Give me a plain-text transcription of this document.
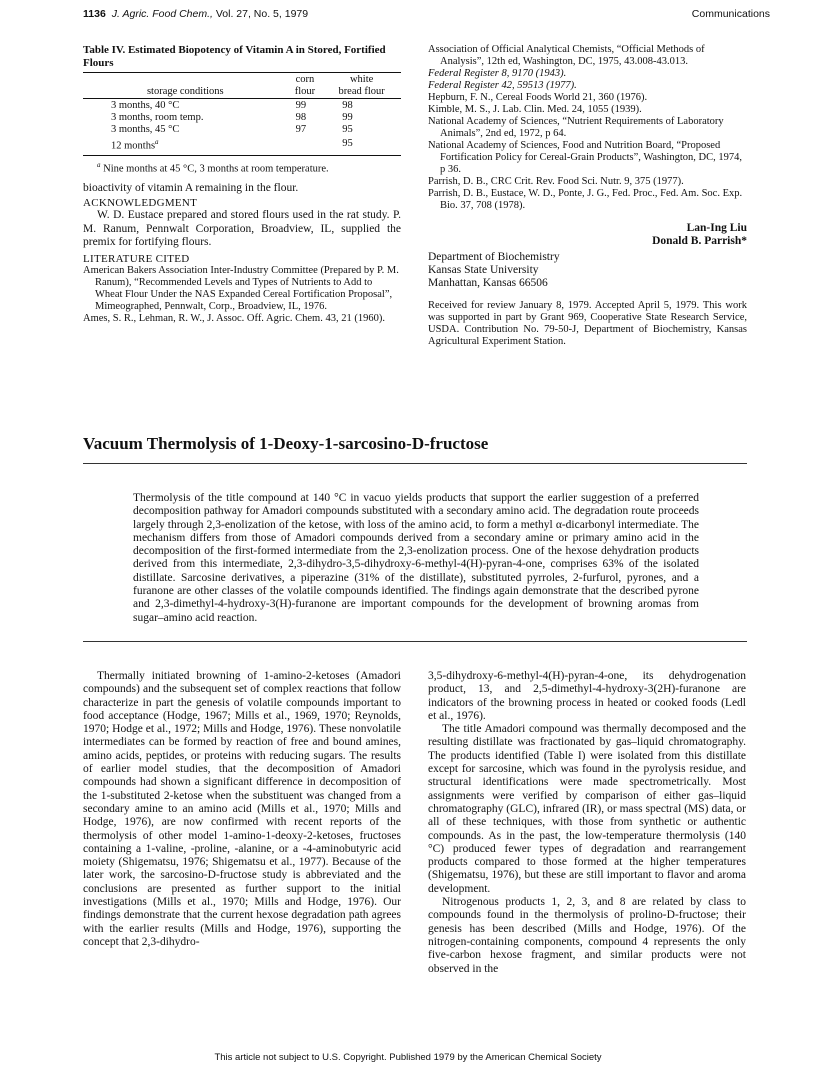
1136 J. Agric. Food Chem., Vol. 27, No. 5, 1979	Communications
Table IV. Estimated Biopotency of Vitamin A in Stored, Fortified Flours

storage conditions	corn	white
	flour	bread flour
3 months, 40 °C	99	98
3 months, room temp.	98	99
3 months, 45 °C	97	95
12 months$^a$		95
$^a$ Nine months at 45 °C, 3 months at room temperature.
bioactivity of vitamin A remaining in the flour.
ACKNOWLEDGMENT
W. D. Eustace prepared and stored flours used in the rat study. P. M. Ranum, Pennwalt Corporation, Broadview, IL, supplied the premix for fortifying flours.
LITERATURE CITED
American Bakers Association Inter-Industry Committee (Prepared by P. M. Ranum), “Recommended Levels and Types of Nutrients to Add to Wheat Flour Under the NAS Expanded Cereal Fortification Proposal”, Mimeographed, Pennwalt, Corp., Broadview, IL, 1976.
Ames, S. R., Lehman, R. W., J. Assoc. Off. Agric. Chem. 43, 21 (1960).
Association of Official Analytical Chemists, “Official Methods of Analysis”, 12th ed, Washington, DC, 1975, 43.008-43.013.
Federal Register 8, 9170 (1943).
Federal Register 42, 59513 (1977).
Hepburn, F. N., Cereal Foods World 21, 360 (1976).
Kimble, M. S., J. Lab. Clin. Med. 24, 1055 (1939).
National Academy of Sciences, “Nutrient Requirements of Laboratory Animals”, 2nd ed, 1972, p 64.
National Academy of Sciences, Food and Nutrition Board, “Proposed Fortification Policy for Cereal-Grain Products”, Washington, DC, 1974, p 36.
Parrish, D. B., CRC Crit. Rev. Food Sci. Nutr. 9, 375 (1977).
Parrish, D. B., Eustace, W. D., Ponte, J. G., Fed. Proc., Fed. Am. Soc. Exp. Bio. 37, 708 (1978).
Lan-Ing Liu
Donald B. Parrish*
Department of Biochemistry
Kansas State University
Manhattan, Kansas 66506
Received for review January 8, 1979. Accepted April 5, 1979. This work was supported in part by Grant 969, Cooperative State Research Service, USDA. Contribution No. 79-50-J, Department of Biochemistry, Kansas Agricultural Experiment Station.
Vacuum Thermolysis of 1-Deoxy-1-sarcosino-D-fructose
Thermolysis of the title compound at 140 °C in vacuo yields products that support the earlier suggestion of a preferred decomposition pathway for Amadori compounds substituted with a secondary amino acid. The degradation route proceeds largely through 2,3-enolization of the ketose, with loss of the amino acid, to form a methyl α-dicarbonyl intermediate. The mechanism differs from those of Amadori compounds derived from a secondary amine or primary amino acid in the decomposition of the first-formed intermediate from the 2,3-enolization process. One of the hexose dehydration products derived from this intermediate, 2,3-dihydro-3,5-dihydroxy-6-methyl-4(H)-pyran-4-one, comprises 63% of the isolated distillate. Sarcosine derivatives, a piperazine (31% of the distillate), substituted pyrroles, 2-furfurol, pyrones, and a furanone are other classes of the volatile compounds identified. The findings again demonstrate that the described pyrone and 2,3-dimethyl-4-hydroxy-3(H)-furanone are important compounds for the development of browning aromas from sugar–amino acid reaction.

Thermally initiated browning of 1-amino-2-ketoses (Amadori compounds) and the subsequent set of complex reactions that follow characterize in part the genesis of volatile compounds important to food acceptance (Hodge, 1967; Mills et al., 1969, 1970; Reynolds, 1970; Hodge et al., 1972; Mills and Hodge, 1976). These nonvolatile intermediates can be formed by reaction of free and bound amines, amino acids, peptides, or proteins with reducing sugars. The results of earlier model studies, that the decomposition of Amadori compounds had shown a significant difference in decomposition of the 1-substituted 2-ketose when the substituent was changed from a secondary amine to an amino acid (Mills et al., 1970; Mills and Hodge, 1976), are now confirmed with recent reports of the thermolysis of other model 1-amino-1-deoxy-2-ketoses, fructoses containing a 1-valine, -proline, -alanine, or a -4-aminobutyric acid moiety (Shigematsu, 1976; Shigematsu et al., 1977). Because of the later work, the sarcosino-D-fructose study is abbreviated and the conclusions are presented as further support to the initial investigations (Mills et al., 1970; Mills and Hodge, 1976). Our findings demonstrate that the current hexose degradation path agrees with the earlier results (Mills and Hodge, 1976), supporting the concept that 2,3-dihydro-

3,5-dihydroxy-6-methyl-4(H)-pyran-4-one, its dehydrogenation product, 13, and 2,5-dimethyl-4-hydroxy-3(2H)-furanone are indicators of the browning process in heated or cooked foods (Ledl et al., 1976).

The title Amadori compound was thermally decomposed and the resulting distillate was fractionated by gas–liquid chromatography. The products identified (Table I) were isolated from this distillate except for sarcosine, which was found in the pyrolysis residue, and structural identifications were made spectrometrically. Most assignments were verified by comparison of either gas–liquid chromatography (GLC), infrared (IR), or mass spectral (MS) data, or all of these techniques, with those from synthetic or authentic compounds. As in the past, the low-temperature thermolysis (140 °C) produced fewer types of degradation and rearrangement products compared to those formed at the higher temperatures (Shigematsu, 1976), but these are still important to flavor and aroma development.

Nitrogenous products 1, 2, 3, and 8 are related by class to compounds found in the thermolysis of prolino-D-fructose; their genesis has been described (Mills and Hodge, 1976). Of the nitrogen-containing components, compound 4 represents the only five-carbon hexose fragment, and similar products were not observed in the

This article not subject to U.S. Copyright. Published 1979 by the American Chemical Society
